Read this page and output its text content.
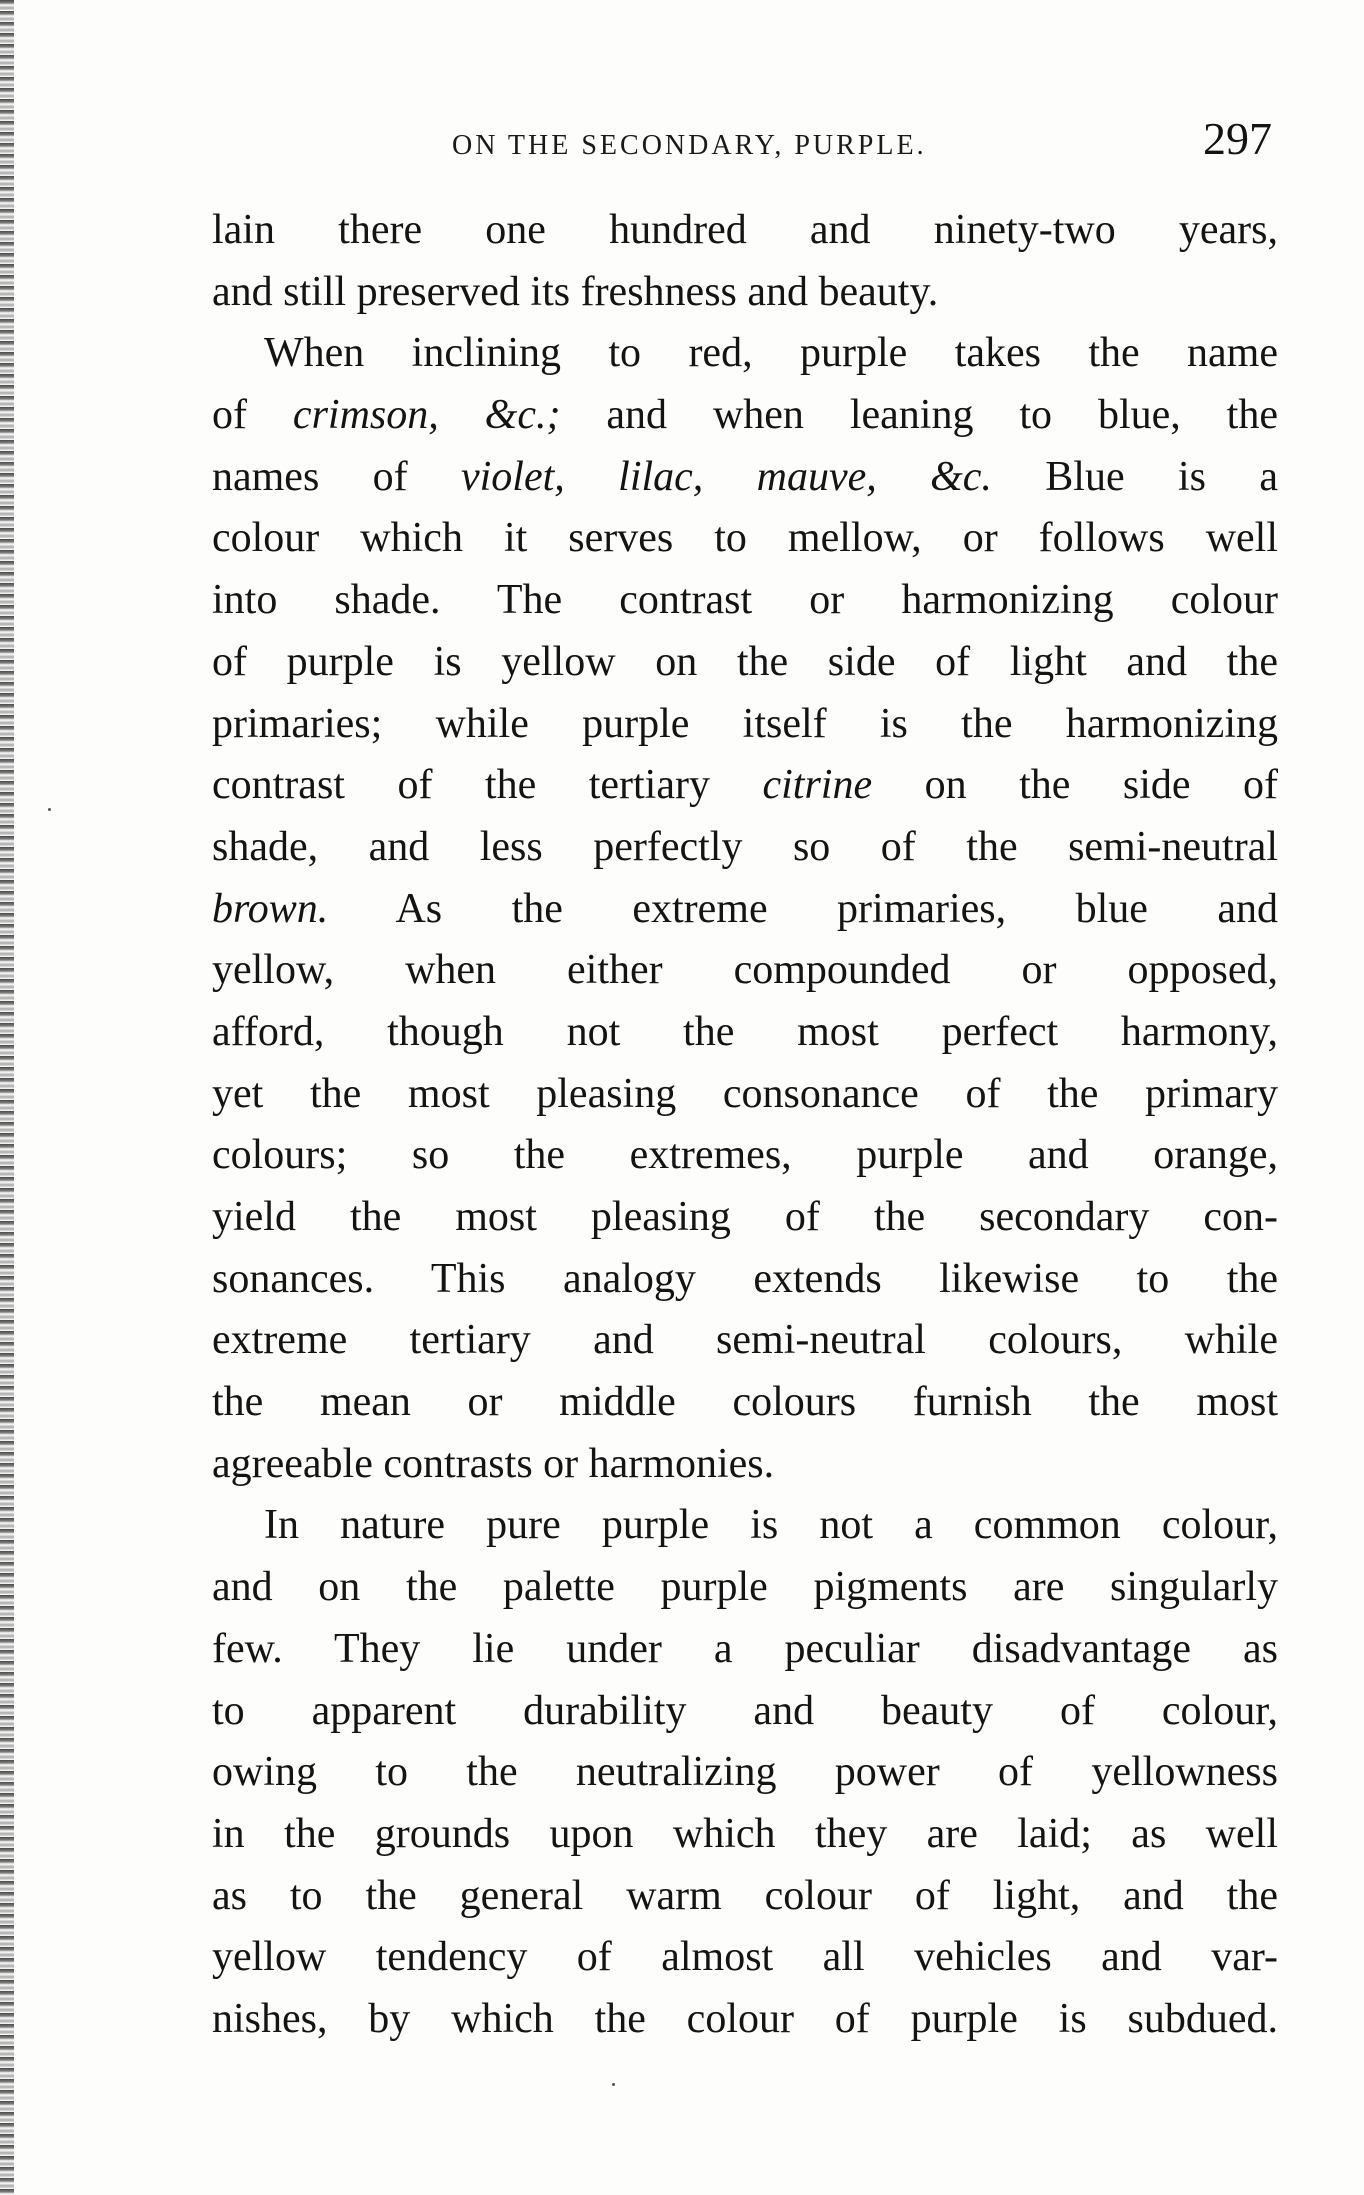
ON THE SECONDARY, PURPLE.	297
lain there one hundred and ninety-two years,
and still preserved its freshness and beauty.
When inclining to red, purple takes the name
of crimson, &c.; and when leaning to blue, the
names of violet, lilac, mauve, &c. Blue is a
colour which it serves to mellow, or follows well
into shade. The contrast or harmonizing colour
of purple is yellow on the side of light and the
primaries; while purple itself is the harmonizing
contrast of the tertiary citrine on the side of
shade, and less perfectly so of the semi-neutral
brown. As the extreme primaries, blue and
yellow, when either compounded or opposed,
afford, though not the most perfect harmony,
yet the most pleasing consonance of the primary
colours; so the extremes, purple and orange,
yield the most pleasing of the secondary con-
sonances. This analogy extends likewise to the
extreme tertiary and semi-neutral colours, while
the mean or middle colours furnish the most
agreeable contrasts or harmonies.
In nature pure purple is not a common colour,
and on the palette purple pigments are singularly
few. They lie under a peculiar disadvantage as
to apparent durability and beauty of colour,
owing to the neutralizing power of yellowness
in the grounds upon which they are laid; as well
as to the general warm colour of light, and the
yellow tendency of almost all vehicles and var-
nishes, by which the colour of purple is subdued.
